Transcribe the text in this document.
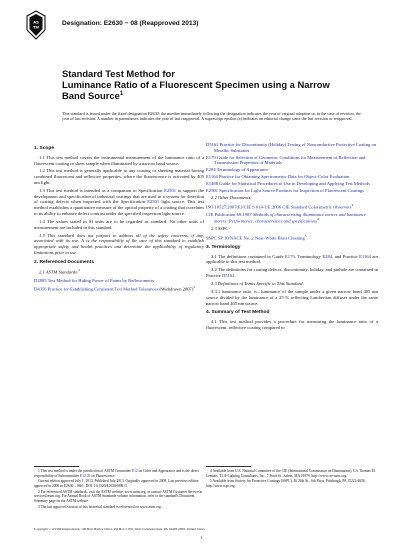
AS
TM	Designation: E2630 − 08 (Reapproved 2013)
Standard Test Method for
Luminance Ratio of a Fluorescent Specimen using a Narrow
Band Source$^1$
This standard is issued under the fixed designation E2630; the number immediately following the designation indicates the year of original adoption or, in the case of revision, the year of last revision. A number in parentheses indicates the year of last reapproval. A superscript epsilon (ε) indicates an editorial change since the last revision or reapproval.
1. Scope

1.1 This test method covers the instrumental measurement of the luminance ratio of a fluorescent coating or sheet sample when illuminated by a narrow band source.

1.2 This test method is generally applicable to any coating or sheeting material having combined fluorescent and reflective properties, where the fluorescence is activated by 405 nm light.

1.3 This test method is intended as a companion to Specification E2501 to support the development and specification of industrial coatings that are used in a system for detection of coating defects when inspected with the Specification E2501 light source. This test method establishes a quantitative measure of the optical property of a coating that correlates to its ability to enhance defect contrast under the specified inspection light source.

1.4 The values stated in SI units are to be regarded as standard. No other units of measurement are included in this standard.

1.5 This standard does not purport to address all of the safety concerns, if any, associated with its use. It is the responsibility of the user of this standard to establish appropriate safety and health practices and determine the applicability of regulatory limitations prior to use.

2. Referenced Documents

2.1 ASTM Standards:$^2$

D2805 Test Method for Hiding Power of Paints by Reflectometry
D4356 Practice for Establishing Consistent Test Method Tolerances (Withdrawn 2007)$^3$
D5162 Practice for Discontinuity (Holiday) Testing of Nonconductive Protective Coating on Metallic Substrates
E179 Guide for Selection of Geometric Conditions for Measurement of Reflection and Transmission Properties of Materials
E284 Terminology of Appearance
E1164 Practice for Obtaining Spectrometric Data for Object-Color Evaluation
E1488 Guide for Statistical Procedures to Use in Developing and Applying Test Methods
E2501 Specification for Light Source Products for Inspection of Fluorescent Coatings

2.2 Other Documents:

ISO 10527:2007(E)/CIE S 014-1/E:2006 CIE Standard Colorimetric Observers$^4$
CIE Publication 69:1987 Methods of characterizing illuminance meters and luminance meters: Performance, characteristics and specifications$^4$

2.3 SSPC:

SSPC SP 10/NACE No. 2 Near-White Blast Cleaning$^5$
3. Terminology

3.1 The definitions contained in Guide E179, Terminology E284, and Practice E1164 are applicable to this test method.

3.2 The definitions for coating defects, discontinuity, holiday, and pinhole are contained in Practice D5162.

3.3 Definitions of Terms Specific to This Standard:

3.3.1 luminance ratio, n—luminance of the sample under a given narrow band 405 nm source divided by the luminance of a 25 % reflecting Lambertian diffuser under the same narrow band 405 nm source.

4. Summary of Test Method

4.1 This test method provides a procedure for measuring the luminance ratio of a fluorescent, reflective coating compared to

1 This test method is under the jurisdiction of ASTM Committee E12 on Color and Appearance and is the direct responsibility of Subcommittee E12.05 on Fluorescence.

Current edition approved July 1, 2013. Published July 2013. Originally approved in 2008. Last previous edition approved in 2008 as E2630 – 08ε1. DOI: 10.1520/E2630-08R13.

2 For referenced ASTM standards, visit the ASTM website, www.astm.org, or contact ASTM Customer Service at service@astm.org. For Annual Book of ASTM Standards volume information, refer to the standard's Document Summary page on the ASTM website.

3 The last approved version of this historical standard is referenced on www.astm.org.

4 Available from U.S. National Committee of the CIE (International Commission on Illumination), C/o Thomas M. Lemons, TLA-Lighting Consultants, Inc., 7 Pond St., Salem, MA 01970, http://www.cie-usnc.org.

5 Available from Society for Protective Coatings (SSPC), 40 24th St., 6th Floor, Pittsburgh, PA 15222-4656, http://www.sspc.org.

Copyright © ASTM International, 100 Barr Harbor Drive, PO Box C700, West Conshohocken, PA 19428-2959. United States
1
